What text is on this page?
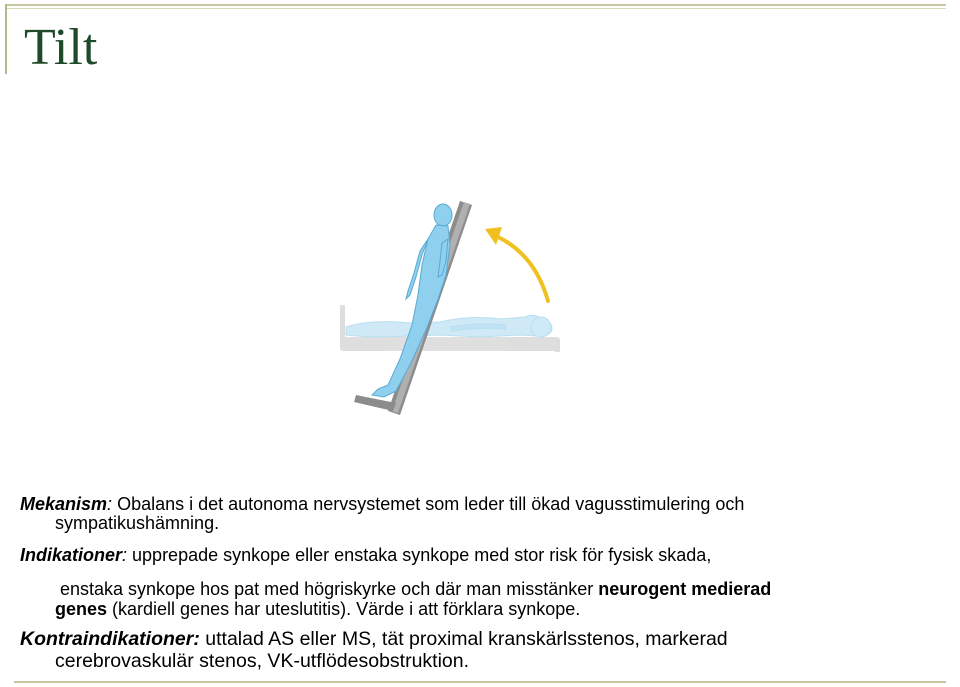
Tilt
Mekanism: Obalans i det autonoma nervsystemet som leder till ökad vagusstimulering och
sympatikushämning.
Indikationer: upprepade synkope eller enstaka synkope med stor risk för fysisk skada,
enstaka synkope hos pat med högriskyrke och där man misstänker neurogent medierad
genes (kardiell genes har uteslutitis). Värde i att förklara synkope.
Kontraindikationer: uttalad AS eller MS, tät proximal kranskärlsstenos, markerad
cerebrovaskulär stenos, VK-utflödesobstruktion.
